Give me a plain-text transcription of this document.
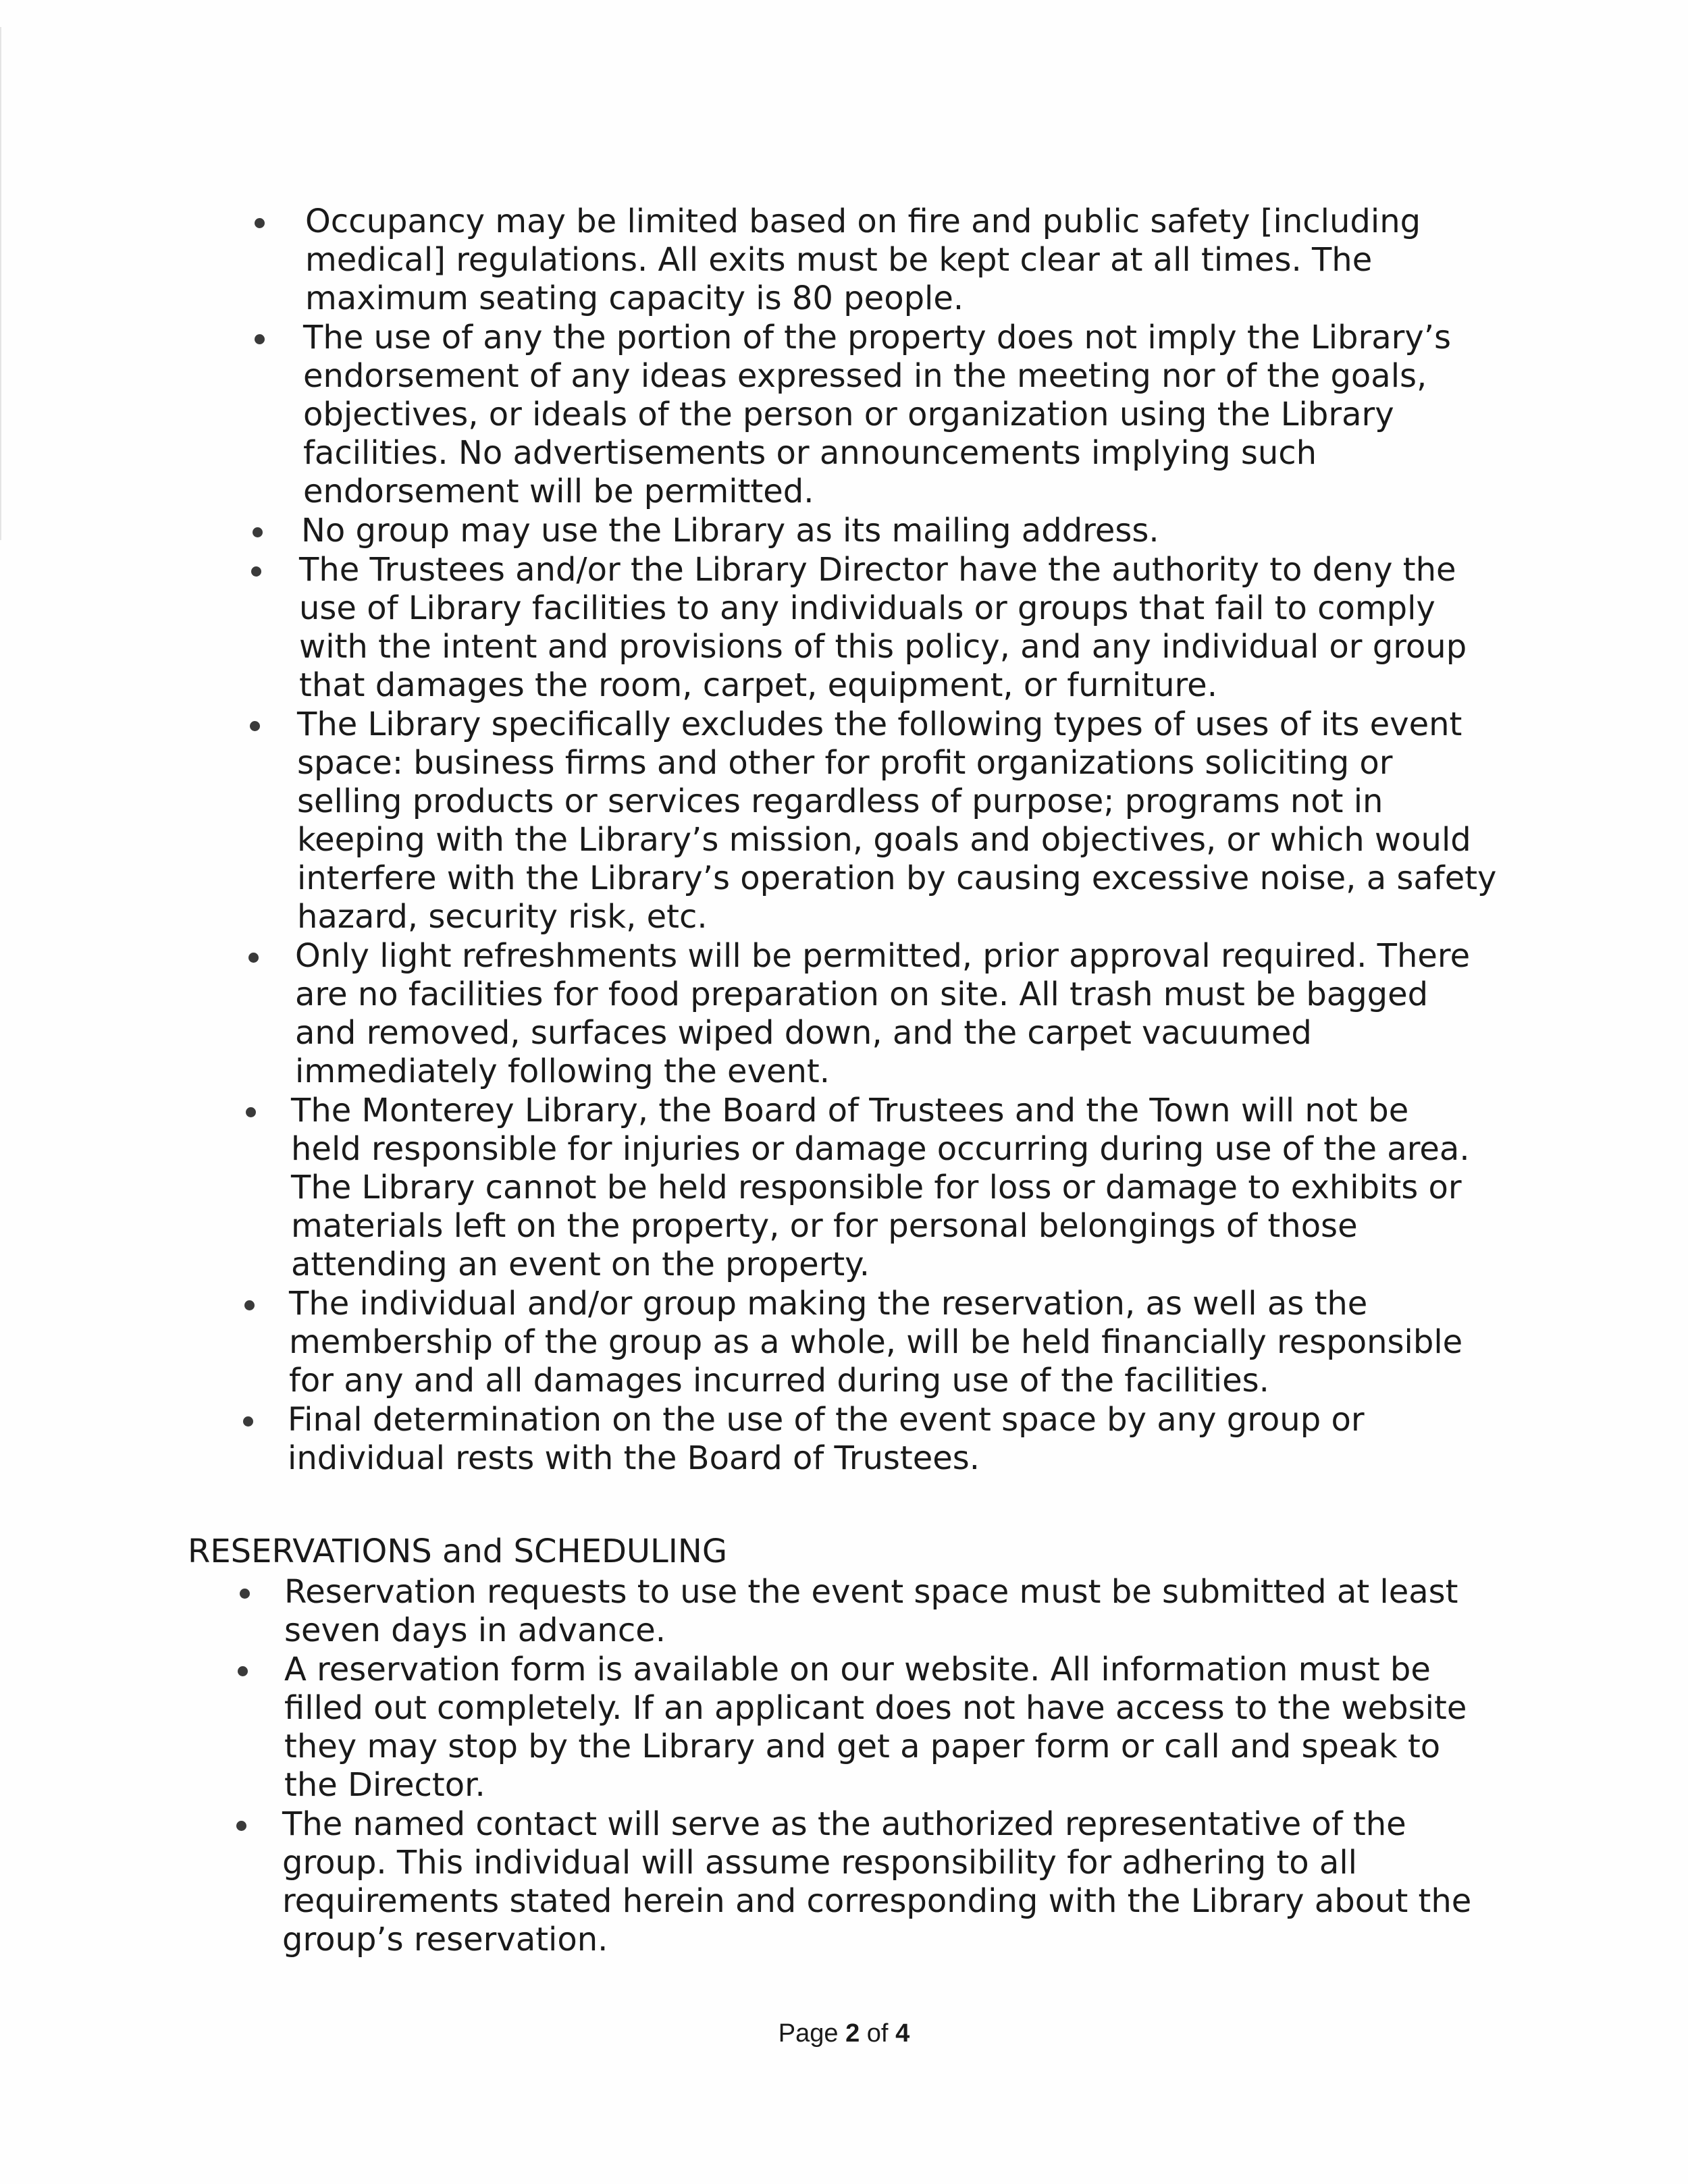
Occupancy may be limited based on fire and public safety [including
medical] regulations. All exits must be kept clear at all times. The
maximum seating capacity is 80 people.
The use of any the portion of the property does not imply the Library’s
endorsement of any ideas expressed in the meeting nor of the goals,
objectives, or ideals of the person or organization using the Library
facilities. No advertisements or announcements implying such
endorsement will be permitted.
No group may use the Library as its mailing address.
The Trustees and/or the Library Director have the authority to deny the
use of Library facilities to any individuals or groups that fail to comply
with the intent and provisions of this policy, and any individual or group
that damages the room, carpet, equipment, or furniture.
The Library specifically excludes the following types of uses of its event
space: business firms and other for profit organizations soliciting or
selling products or services regardless of purpose; programs not in
keeping with the Library’s mission, goals and objectives, or which would
interfere with the Library’s operation by causing excessive noise, a safety
hazard, security risk, etc.
Only light refreshments will be permitted, prior approval required. There
are no facilities for food preparation on site. All trash must be bagged
and removed, surfaces wiped down, and the carpet vacuumed
immediately following the event.
The Monterey Library, the Board of Trustees and the Town will not be
held responsible for injuries or damage occurring during use of the area.
The Library cannot be held responsible for loss or damage to exhibits or
materials left on the property, or for personal belongings of those
attending an event on the property.
The individual and/or group making the reservation, as well as the
membership of the group as a whole, will be held financially responsible
for any and all damages incurred during use of the facilities.
Final determination on the use of the event space by any group or
individual rests with the Board of Trustees.
RESERVATIONS and SCHEDULING
Reservation requests to use the event space must be submitted at least
seven days in advance.
A reservation form is available on our website. All information must be
filled out completely. If an applicant does not have access to the website
they may stop by the Library and get a paper form or call and speak to
the Director.
The named contact will serve as the authorized representative of the
group. This individual will assume responsibility for adhering to all
requirements stated herein and corresponding with the Library about the
group’s reservation.
Page 2 of 4
